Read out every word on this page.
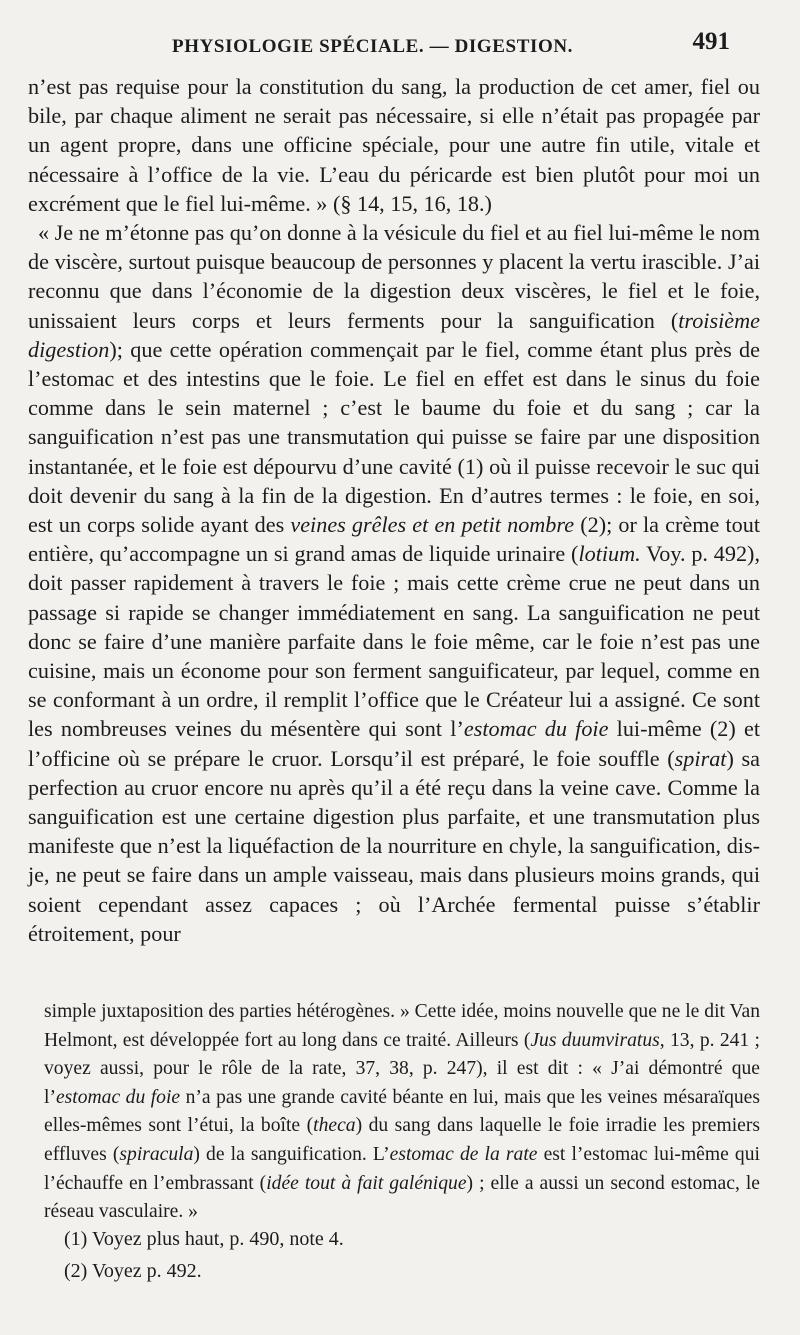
PHYSIOLOGIE SPÉCIALE. — DIGESTION.	491

n’est pas requise pour la constitution du sang, la production de cet amer, fiel ou bile, par chaque aliment ne serait pas nécessaire, si elle n’était pas propagée par un agent propre, dans une officine spéciale, pour une autre fin utile, vitale et nécessaire à l’office de la vie. L’eau du péricarde est bien plutôt pour moi un excrément que le fiel lui-même. » (§ 14, 15, 16, 18.)

« Je ne m’étonne pas qu’on donne à la vésicule du fiel et au fiel lui-même le nom de viscère, surtout puisque beaucoup de personnes y placent la vertu irascible. J’ai reconnu que dans l’économie de la digestion deux viscères, le fiel et le foie, unissaient leurs corps et leurs ferments pour la sanguification (troisième digestion); que cette opération commençait par le fiel, comme étant plus près de l’estomac et des intestins que le foie. Le fiel en effet est dans le sinus du foie comme dans le sein maternel ; c’est le baume du foie et du sang ; car la sanguification n’est pas une transmutation qui puisse se faire par une disposition instantanée, et le foie est dépourvu d’une cavité (1) où il puisse recevoir le suc qui doit devenir du sang à la fin de la digestion. En d’autres termes : le foie, en soi, est un corps solide ayant des veines grêles et en petit nombre (2); or la crème tout entière, qu’accompagne un si grand amas de liquide urinaire (lotium. Voy. p. 492), doit passer rapidement à travers le foie ; mais cette crème crue ne peut dans un passage si rapide se changer immédiatement en sang. La sanguification ne peut donc se faire d’une manière parfaite dans le foie même, car le foie n’est pas une cuisine, mais un économe pour son ferment sanguificateur, par lequel, comme en se conformant à un ordre, il remplit l’office que le Créateur lui a assigné. Ce sont les nombreuses veines du mésentère qui sont l’estomac du foie lui-même (2) et l’officine où se prépare le cruor. Lorsqu’il est préparé, le foie souffle (spirat) sa perfection au cruor encore nu après qu’il a été reçu dans la veine cave. Comme la sanguification est une certaine digestion plus parfaite, et une transmutation plus manifeste que n’est la liquéfaction de la nourriture en chyle, la sanguification, dis-je, ne peut se faire dans un ample vaisseau, mais dans plusieurs moins grands, qui soient cependant assez capaces ; où l’Archée fermental puisse s’établir étroitement, pour

simple juxtaposition des parties hétérogènes. » Cette idée, moins nouvelle que ne le dit Van Helmont, est développée fort au long dans ce traité. Ailleurs (Jus duumviratus, 13, p. 241 ; voyez aussi, pour le rôle de la rate, 37, 38, p. 247), il est dit : « J’ai démontré que l’estomac du foie n’a pas une grande cavité béante en lui, mais que les veines mésaraïques elles-mêmes sont l’étui, la boîte (theca) du sang dans laquelle le foie irradie les premiers effluves (spiracula) de la sanguification. L’estomac de la rate est l’estomac lui-même qui l’échauffe en l’embrassant (idée tout à fait galénique) ; elle a aussi un second estomac, le réseau vasculaire. »

(1) Voyez plus haut, p. 490, note 4.

(2) Voyez p. 492.
